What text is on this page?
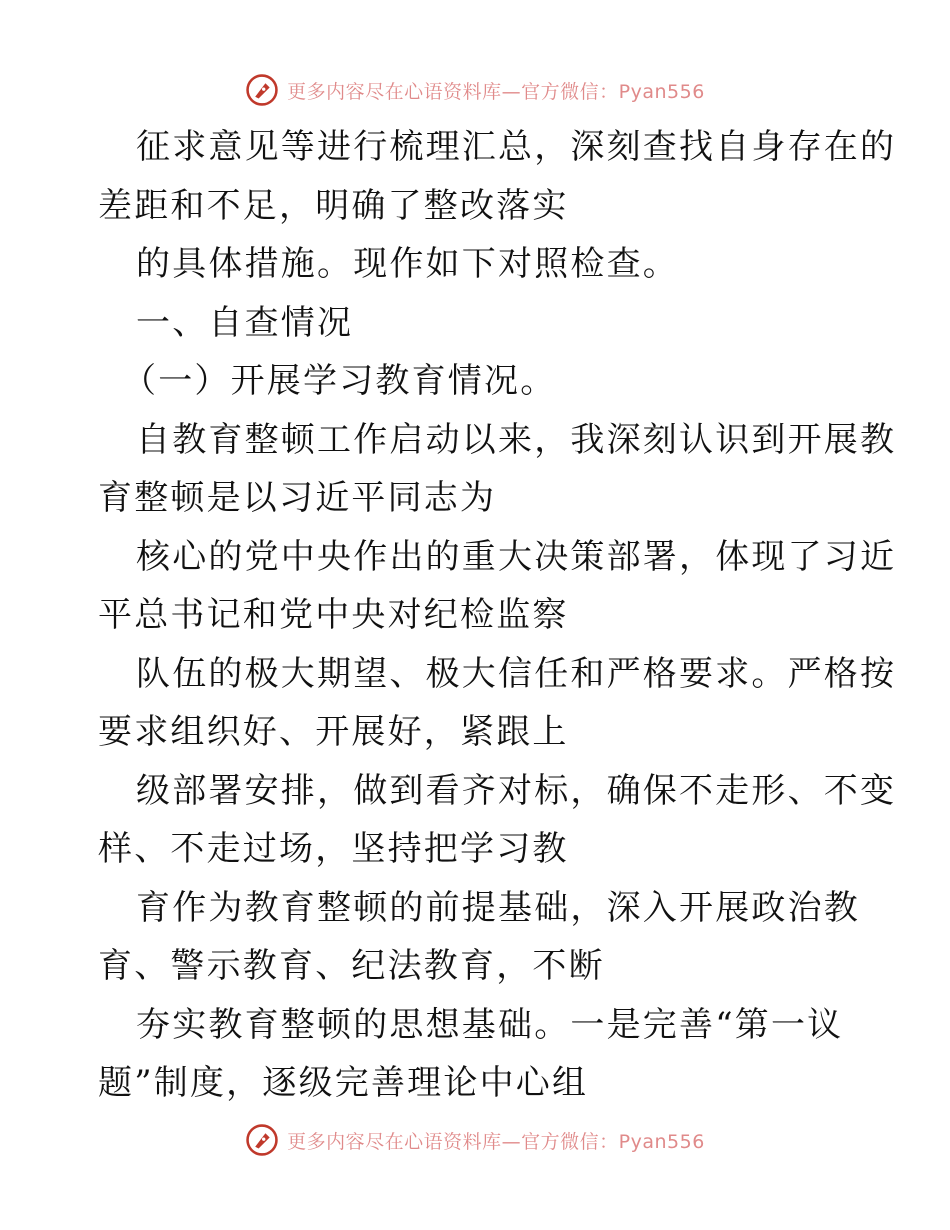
更多内容尽在心语资料库—官方微信：Pyan556
征求意见等进行梳理汇总，深刻查找自身存在的
差距和不足，明确了整改落实
的具体措施。现作如下对照检查。
一、自查情况
（一）开展学习教育情况。
自教育整顿工作启动以来，我深刻认识到开展教
育整顿是以习近平同志为
核心的党中央作出的重大决策部署，体现了习近
平总书记和党中央对纪检监察
队伍的极大期望、极大信任和严格要求。严格按
要求组织好、开展好，紧跟上
级部署安排，做到看齐对标，确保不走形、不变
样、不走过场，坚持把学习教
育作为教育整顿的前提基础，深入开展政治教
育、警示教育、纪法教育，不断
夯实教育整顿的思想基础。一是完善“第一议
题”制度，逐级完善理论中心组
更多内容尽在心语资料库—官方微信：Pyan556
